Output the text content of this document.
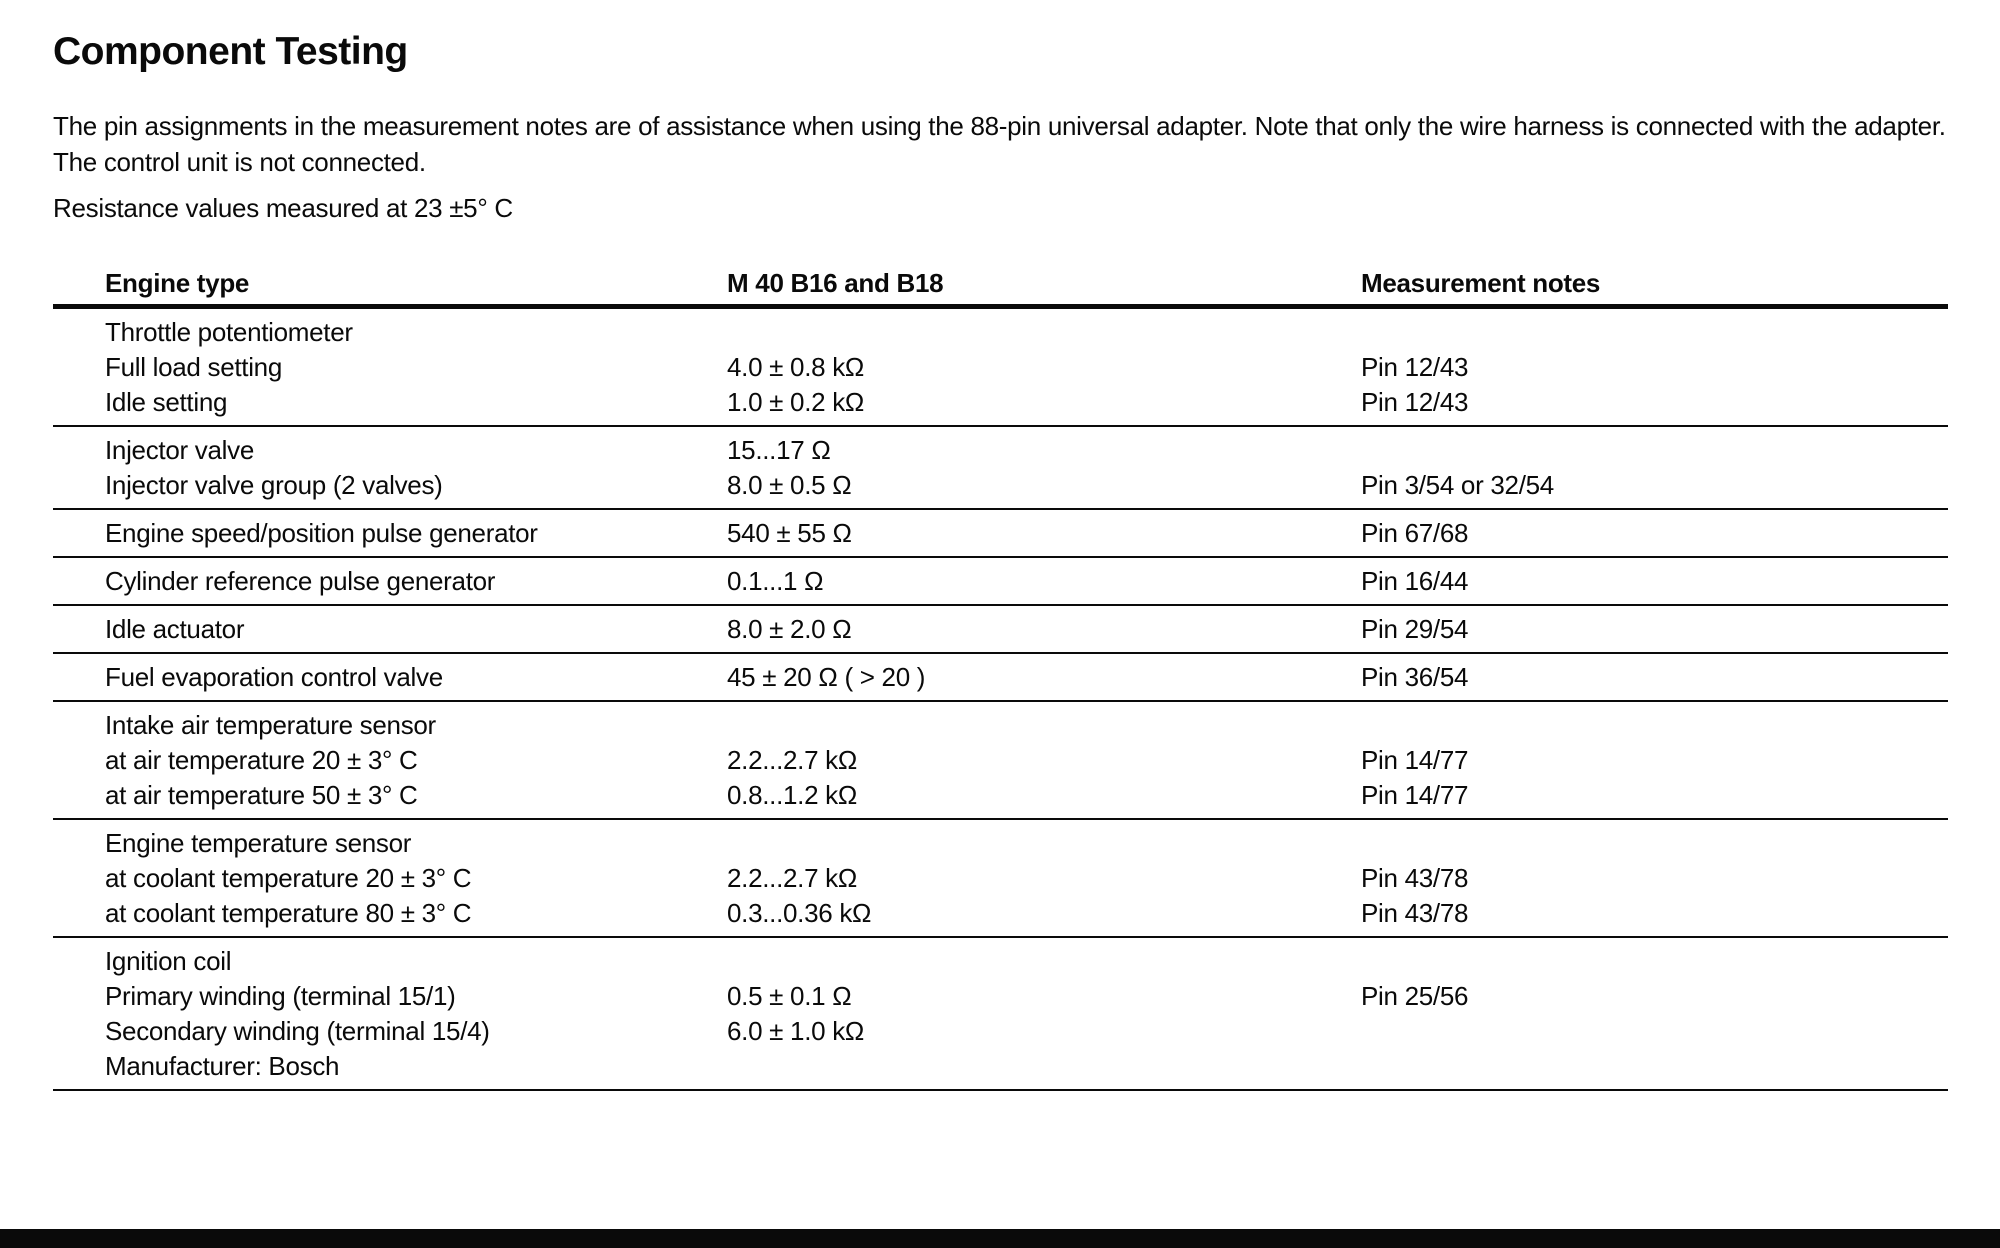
Component Testing

The pin assignments in the measurement notes are of assistance when using the 88-pin universal adapter. Note that only the wire harness is connected with the adapter. The control unit is not connected.

Resistance values measured at 23 ±5° C

Engine type	M 40 B16 and B18	Measurement notes
Throttle potentiometer
Full load setting	4.0 ± 0.8 kΩ	Pin 12/43
Idle setting	1.0 ± 0.2 kΩ	Pin 12/43
Injector valve	15...17 Ω
Injector valve group (2 valves)	8.0 ± 0.5 Ω	Pin 3/54 or 32/54
Engine speed/position pulse generator	540 ± 55 Ω	Pin 67/68
Cylinder reference pulse generator	0.1...1 Ω	Pin 16/44
Idle actuator	8.0 ± 2.0 Ω	Pin 29/54
Fuel evaporation control valve	45 ± 20 Ω ( > 20 )	Pin 36/54
Intake air temperature sensor
at air temperature 20 ± 3° C	2.2...2.7 kΩ	Pin 14/77
at air temperature 50 ± 3° C	0.8...1.2 kΩ	Pin 14/77
Engine temperature sensor
at coolant temperature 20 ± 3° C	2.2...2.7 kΩ	Pin 43/78
at coolant temperature 80 ± 3° C	0.3...0.36 kΩ	Pin 43/78
Ignition coil
Primary winding (terminal 15/1)	0.5 ± 0.1 Ω	Pin 25/56
Secondary winding (terminal 15/4)	6.0 ± 1.0 kΩ
Manufacturer: Bosch
